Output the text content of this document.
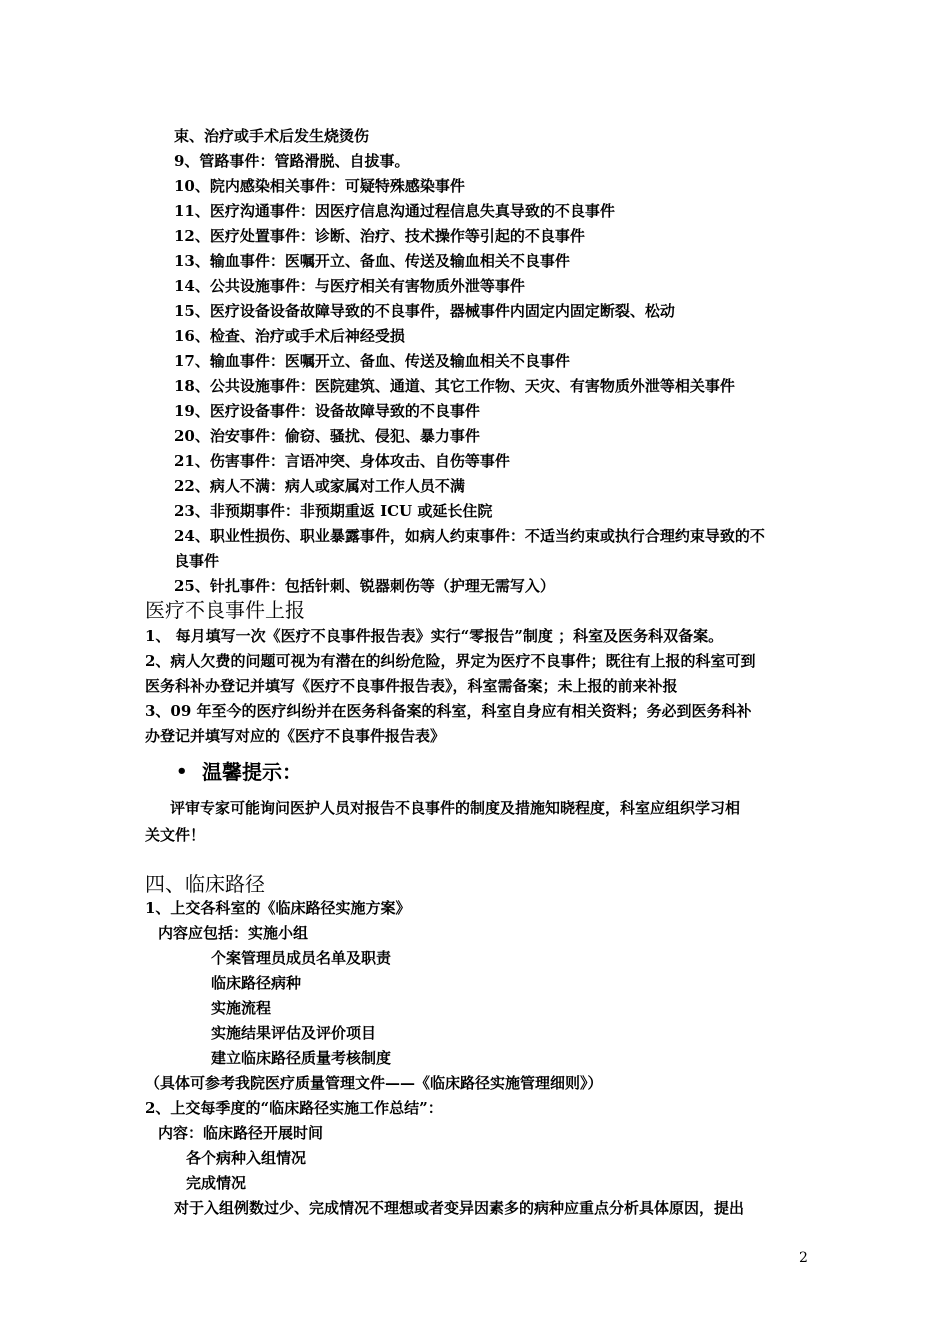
束、治疗或手术后发生烧烫伤
9、管路事件：管路滑脱、自拔事。
10、院内感染相关事件：可疑特殊感染事件
11、医疗沟通事件：因医疗信息沟通过程信息失真导致的不良事件
12、医疗处置事件：诊断、治疗、技术操作等引起的不良事件
13、输血事件：医嘱开立、备血、传送及输血相关不良事件
14、公共设施事件：与医疗相关有害物质外泄等事件
15、医疗设备设备故障导致的不良事件，器械事件内固定内固定断裂、松动
16、检查、治疗或手术后神经受损
17、输血事件：医嘱开立、备血、传送及输血相关不良事件
18、公共设施事件：医院建筑、通道、其它工作物、天灾、有害物质外泄等相关事件
19、医疗设备事件：设备故障导致的不良事件
20、治安事件：偷窃、骚扰、侵犯、暴力事件
21、伤害事件：言语冲突、身体攻击、自伤等事件
22、病人不满：病人或家属对工作人员不满
23、非预期事件：非预期重返 ICU 或延长住院
24、职业性损伤、职业暴露事件，如病人约束事件：不适当约束或执行合理约束导致的不
良事件
25、针扎事件：包括针刺、锐器刺伤等（护理无需写入）
医疗不良事件上报
1、 每月填写一次《医疗不良事件报告表》实行“零报告”制度 ；科室及医务科双备案。
2、病人欠费的问题可视为有潜在的纠纷危险，界定为医疗不良事件；既往有上报的科室可到
医务科补办登记并填写《医疗不良事件报告表》，科室需备案；未上报的前来补报
3、09 年至今的医疗纠纷并在医务科备案的科室，科室自身应有相关资料；务必到医务科补
办登记并填写对应的《医疗不良事件报告表》
• 温馨提示：
评审专家可能询问医护人员对报告不良事件的制度及措施知晓程度，科室应组织学习相
关文件！
四、临床路径
1、上交各科室的《临床路径实施方案》
内容应包括：实施小组
个案管理员成员名单及职责
临床路径病种
实施流程
实施结果评估及评价项目
建立临床路径质量考核制度
（具体可参考我院医疗质量管理文件——《临床路径实施管理细则》）
2、上交每季度的“临床路径实施工作总结”：
内容：临床路径开展时间
各个病种入组情况
完成情况
对于入组例数过少、完成情况不理想或者变异因素多的病种应重点分析具体原因，提出
2
